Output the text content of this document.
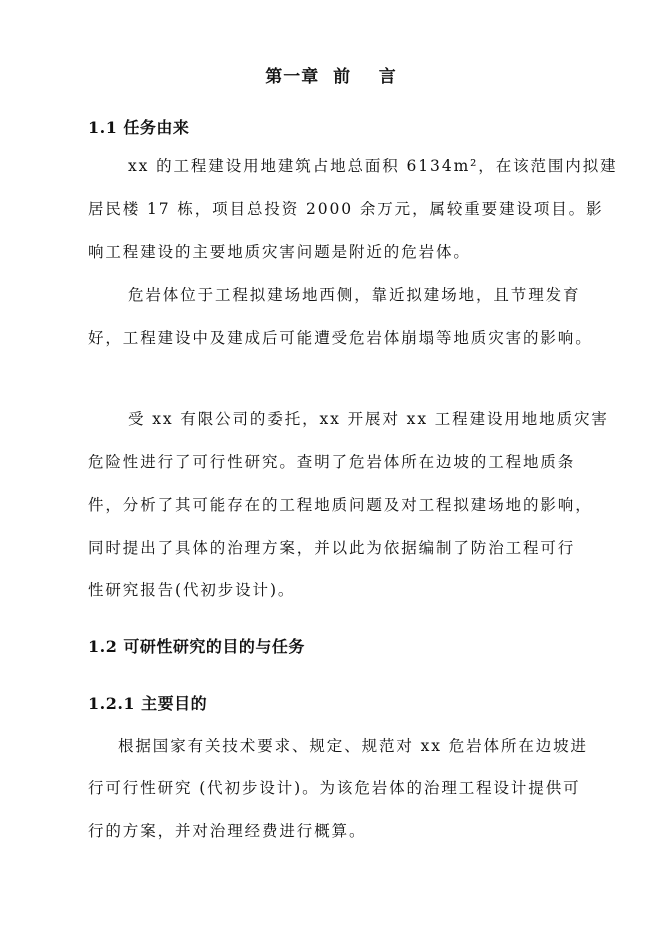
第一章  前    言
1.1 任务由来
xx 的工程建设用地建筑占地总面积 6134m²，在该范围内拟建
居民楼 17 栋，项目总投资 2000 余万元，属较重要建设项目。影
响工程建设的主要地质灾害问题是附近的危岩体。
危岩体位于工程拟建场地西侧，靠近拟建场地，且节理发育
好，工程建设中及建成后可能遭受危岩体崩塌等地质灾害的影响。
受 xx 有限公司的委托，xx 开展对 xx 工程建设用地地质灾害
危险性进行了可行性研究。查明了危岩体所在边坡的工程地质条
件，分析了其可能存在的工程地质问题及对工程拟建场地的影响，
同时提出了具体的治理方案，并以此为依据编制了防治工程可行
性研究报告(代初步设计)。
1.2 可研性研究的目的与任务
1.2.1 主要目的
根据国家有关技术要求、规定、规范对 xx 危岩体所在边坡进
行可行性研究 (代初步设计)。为该危岩体的治理工程设计提供可
行的方案，并对治理经费进行概算。
